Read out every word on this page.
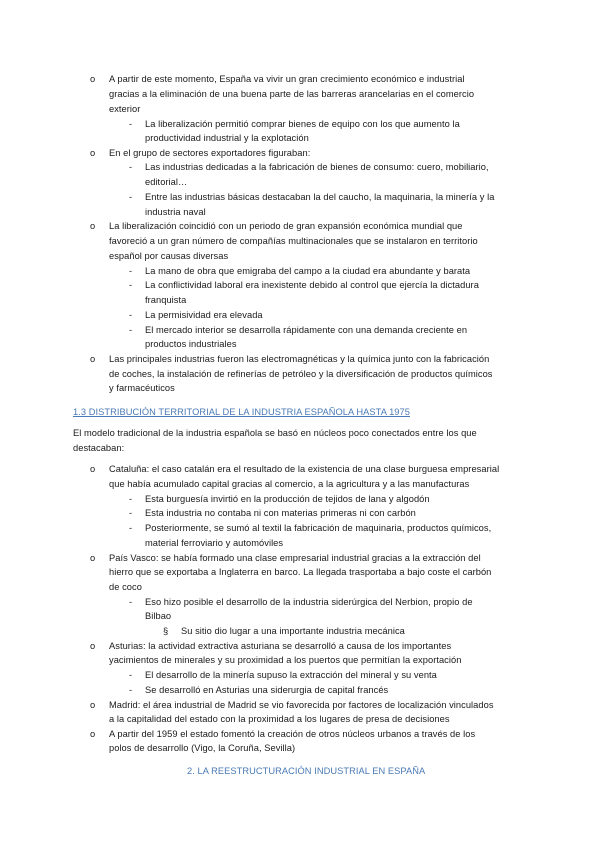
o A partir de este momento, España va vivir un gran crecimiento económico e industrial
gracias a la eliminación de una buena parte de las barreras arancelarias en el comercio
exterior
- La liberalización permitió comprar bienes de equipo con los que aumento la
productividad industrial y la explotación
o En el grupo de sectores exportadores figuraban:
- Las industrias dedicadas a la fabricación de bienes de consumo: cuero, mobiliario,
editorial…
- Entre las industrias básicas destacaban la del caucho, la maquinaria, la minería y la
industria naval
o La liberalización coincidió con un periodo de gran expansión económica mundial que
favoreció a un gran número de compañías multinacionales que se instalaron en territorio
español por causas diversas
- La mano de obra que emigraba del campo a la ciudad era abundante y barata
- La conflictividad laboral era inexistente debido al control que ejercía la dictadura
franquista
- La permisividad era elevada
- El mercado interior se desarrolla rápidamente con una demanda creciente en
productos industriales
o Las principales industrias fueron las electromagnéticas y la química junto con la fabricación
de coches, la instalación de refinerías de petróleo y la diversificación de productos químicos
y farmacéuticos
1.3 DISTRIBUCIÓN TERRITORIAL DE LA INDUSTRIA ESPAÑOLA HASTA 1975
El modelo tradicional de la industria española se basó en núcleos poco conectados entre los que
destacaban:
o Cataluña: el caso catalán era el resultado de la existencia de una clase burguesa empresarial
que había acumulado capital gracias al comercio, a la agricultura y a las manufacturas
- Esta burguesía invirtió en la producción de tejidos de lana y algodón
- Esta industria no contaba ni con materias primeras ni con carbón
- Posteriormente, se sumó al textil la fabricación de maquinaria, productos químicos,
material ferroviario y automóviles
o País Vasco: se había formado una clase empresarial industrial gracias a la extracción del
hierro que se exportaba a Inglaterra en barco. La llegada trasportaba a bajo coste el carbón
de coco
- Eso hizo posible el desarrollo de la industria siderúrgica del Nerbion, propio de
Bilbao
§ Su sitio dio lugar a una importante industria mecánica
o Asturias: la actividad extractiva asturiana se desarrolló a causa de los importantes
yacimientos de minerales y su proximidad a los puertos que permitían la exportación
- El desarrollo de la minería supuso la extracción del mineral y su venta
- Se desarrolló en Asturias una siderurgia de capital francés
o Madrid: el área industrial de Madrid se vio favorecida por factores de localización vinculados
a la capitalidad del estado con la proximidad a los lugares de presa de decisiones
o A partir del 1959 el estado fomentó la creación de otros núcleos urbanos a través de los
polos de desarrollo (Vigo, la Coruña, Sevilla)
2. LA REESTRUCTURACIÓN INDUSTRIAL EN ESPAÑA
